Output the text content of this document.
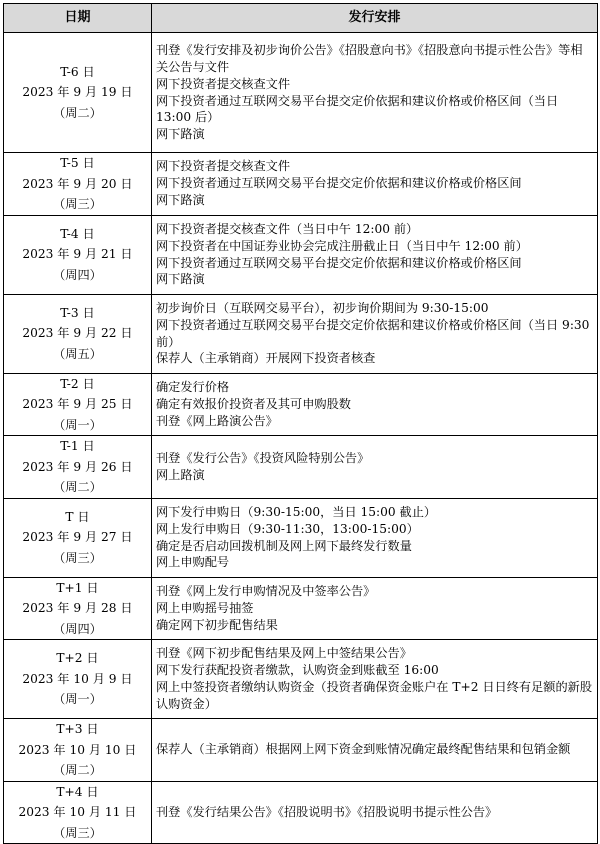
日期	发行安排

T-6 日
2023 年 9 月 19 日
（周二）	刊登《发行安排及初步询价公告》《招股意向书》《招股意向书提示性公告》等相关公告与文件
网下投资者提交核查文件
网下投资者通过互联网交易平台提交定价依据和建议价格或价格区间（当日 13:00 后）
网下路演

T-5 日
2023 年 9 月 20 日
（周三）	网下投资者提交核查文件
网下投资者通过互联网交易平台提交定价依据和建议价格或价格区间
网下路演

T-4 日
2023 年 9 月 21 日
（周四）	网下投资者提交核查文件（当日中午 12:00 前）
网下投资者在中国证券业协会完成注册截止日（当日中午 12:00 前）
网下投资者通过互联网交易平台提交定价依据和建议价格或价格区间
网下路演

T-3 日
2023 年 9 月 22 日
（周五）	初步询价日（互联网交易平台），初步询价期间为 9:30-15:00
网下投资者通过互联网交易平台提交定价依据和建议价格或价格区间（当日 9:30 前）
保荐人（主承销商）开展网下投资者核查

T-2 日
2023 年 9 月 25 日
（周一）	确定发行价格
确定有效报价投资者及其可申购股数
刊登《网上路演公告》

T-1 日
2023 年 9 月 26 日
（周二）	刊登《发行公告》《投资风险特别公告》
网上路演

T 日
2023 年 9 月 27 日
（周三）	网下发行申购日（9:30-15:00，当日 15:00 截止）
网上发行申购日（9:30-11:30，13:00-15:00）
确定是否启动回拨机制及网上网下最终发行数量
网上申购配号

T+1 日
2023 年 9 月 28 日
（周四）	刊登《网上发行申购情况及中签率公告》
网上申购摇号抽签
确定网下初步配售结果

T+2 日
2023 年 10 月 9 日
（周一）	刊登《网下初步配售结果及网上中签结果公告》
网下发行获配投资者缴款，认购资金到账截至 16:00
网上中签投资者缴纳认购资金（投资者确保资金账户在 T+2 日日终有足额的新股认购资金）

T+3 日
2023 年 10 月 10 日
（周二）	保荐人（主承销商）根据网上网下资金到账情况确定最终配售结果和包销金额

T+4 日
2023 年 10 月 11 日
（周三）	刊登《发行结果公告》《招股说明书》《招股说明书提示性公告》
